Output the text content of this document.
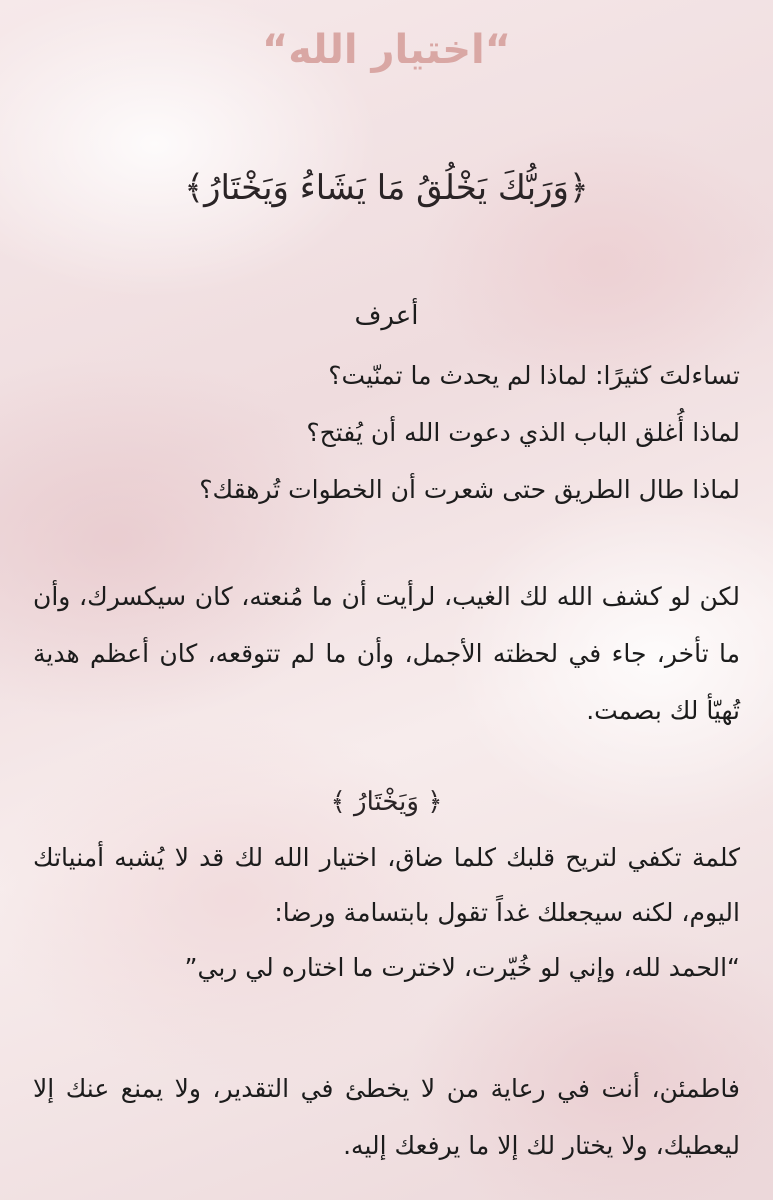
“اختيار الله“
﴿وَرَبُّكَ يَخْلُقُ مَا يَشَاءُ وَيَخْتَارُ﴾
أعرف
تساءلتَ كثيرًا: لماذا لم يحدث ما تمنّيت؟
لماذا أُغلق الباب الذي دعوت الله أن يُفتح؟
لماذا طال الطريق حتى شعرت أن الخطوات تُرهقك؟
لكن لو كشف الله لك الغيب، لرأيت أن ما مُنعته، كان سيكسرك، وأن ما تأخر، جاء في لحظته الأجمل، وأن ما لم تتوقعه، كان أعظم هدية تُهيّأ لك بصمت.
﴿ وَيَخْتَارُ ﴾
كلمة تكفي لتريح قلبك كلما ضاق، اختيار الله لك قد لا يُشبه أمنياتك اليوم، لكنه سيجعلك غداً تقول بابتسامة ورضا:
“الحمد لله، وإني لو خُيّرت، لاخترت ما اختاره لي ربي”
فاطمئن، أنت في رعاية من لا يخطئ في التقدير، ولا يمنع عنك إلا ليعطيك، ولا يختار لك إلا ما يرفعك إليه.
